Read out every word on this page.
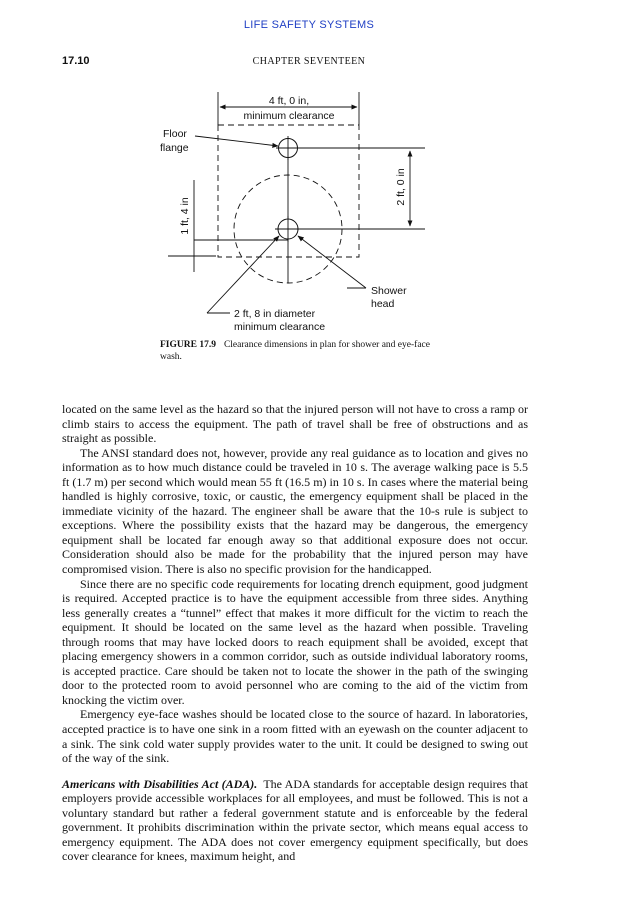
LIFE SAFETY SYSTEMS
17.10	CHAPTER SEVENTEEN
4 ft, 0 in,
minimum clearance
Floor
flange
2 ft, 0 in
1 ft, 4 in
Shower
head
2 ft, 8 in diameter
minimum clearance
FIGURE 17.9 Clearance dimensions in plan for shower and eye-face wash.

located on the same level as the hazard so that the injured person will not have to cross a ramp or climb stairs to access the equipment. The path of travel shall be free of obstructions and as straight as possible.

The ANSI standard does not, however, provide any real guidance as to location and gives no information as to how much distance could be traveled in 10 s. The average walking pace is 5.5 ft (1.7 m) per second which would mean 55 ft (16.5 m) in 10 s. In cases where the material being handled is highly corrosive, toxic, or caustic, the emergency equipment shall be placed in the immediate vicinity of the hazard. The engineer shall be aware that the 10-s rule is subject to exceptions. Where the possibility exists that the hazard may be dangerous, the emergency equipment shall be located far enough away so that additional exposure does not occur. Consideration should also be made for the probability that the injured person may have compromised vision. There is also no specific provision for the handicapped.

Since there are no specific code requirements for locating drench equipment, good judgment is required. Accepted practice is to have the equipment accessible from three sides. Anything less generally creates a “tunnel” effect that makes it more difficult for the victim to reach the equipment. It should be located on the same level as the hazard when possible. Traveling through rooms that may have locked doors to reach equipment shall be avoided, except that placing emergency showers in a common corridor, such as outside individual laboratory rooms, is accepted practice. Care should be taken not to locate the shower in the path of the swinging door to the protected room to avoid personnel who are coming to the aid of the victim from knocking the victim over.

Emergency eye-face washes should be located close to the source of hazard. In laboratories, accepted practice is to have one sink in a room fitted with an eyewash on the counter adjacent to a sink. The sink cold water supply provides water to the unit. It could be designed to swing out of the way of the sink.

Americans with Disabilities Act (ADA). The ADA standards for acceptable design requires that employers provide accessible workplaces for all employees, and must be followed. This is not a voluntary standard but rather a federal government statute and is enforceable by the federal government. It prohibits discrimination within the private sector, which means equal access to emergency equipment. The ADA does not cover emergency equipment specifically, but does cover clearance for knees, maximum height, and
